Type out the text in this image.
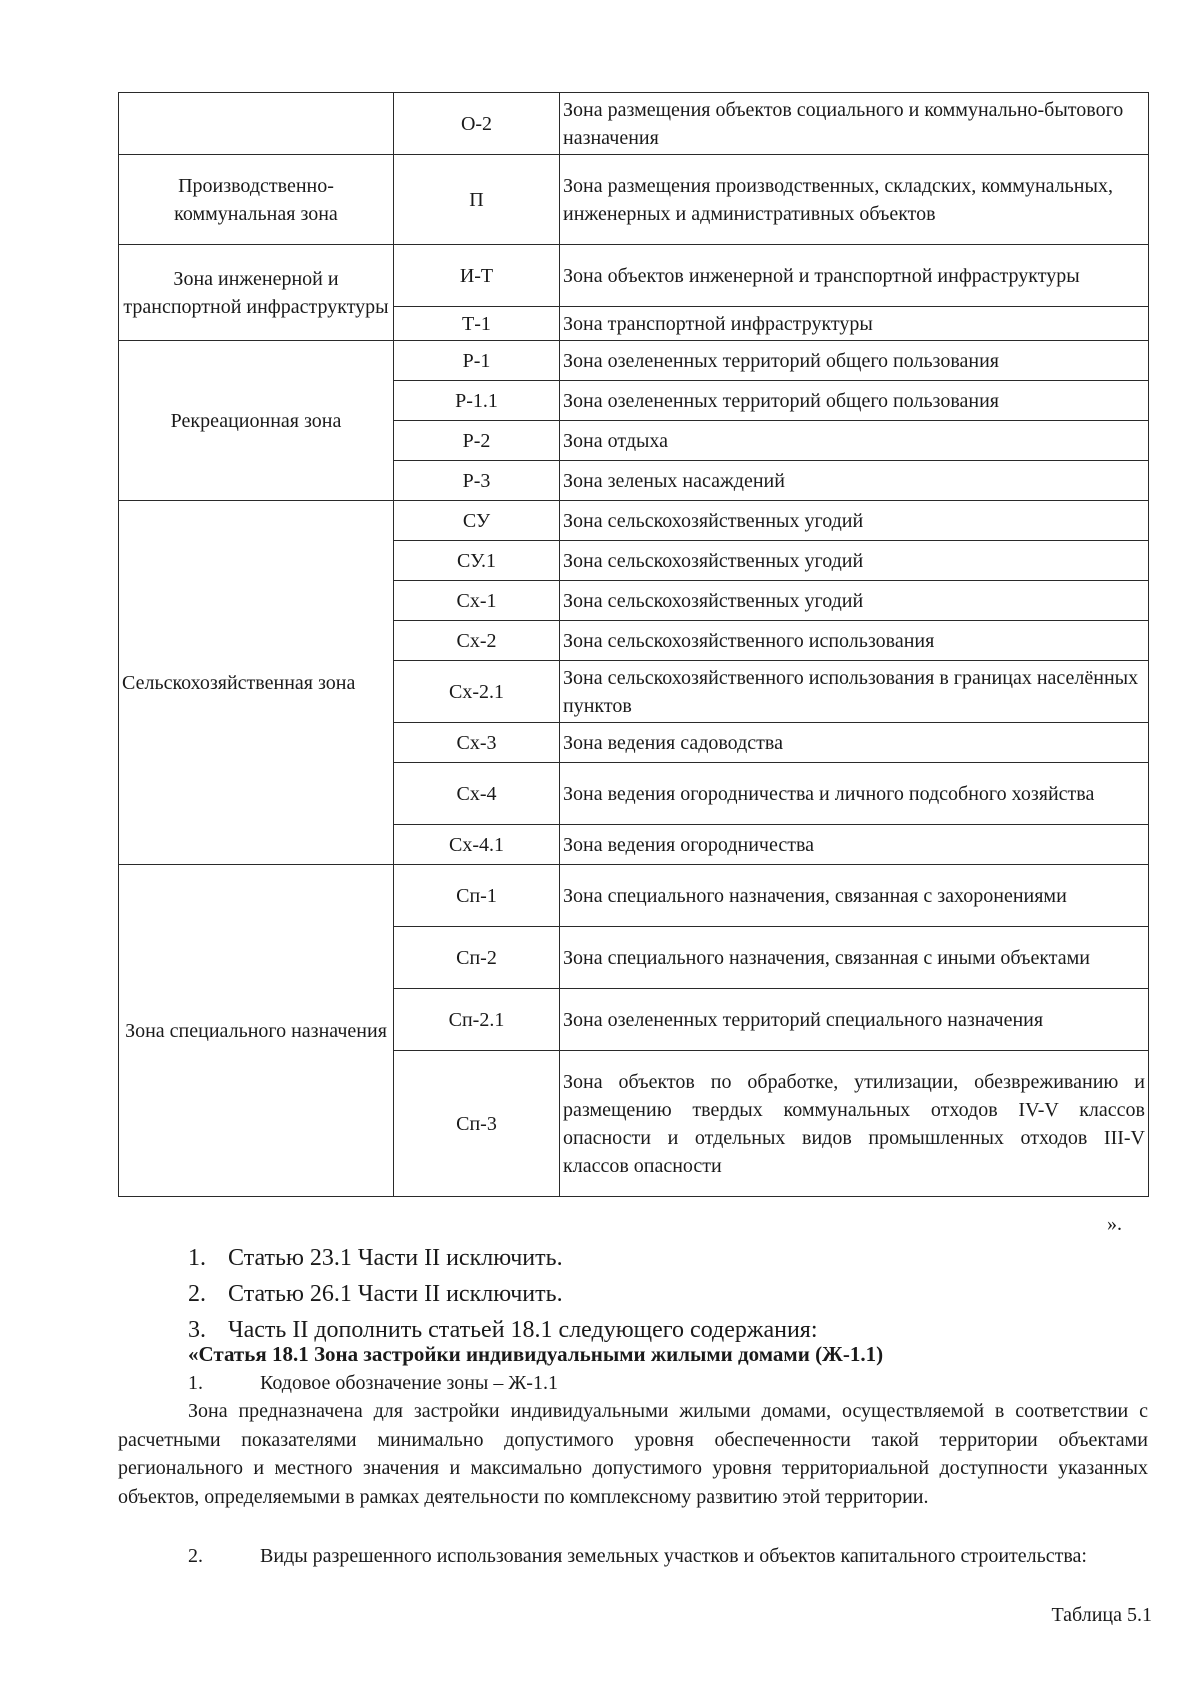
	О-2	Зона размещения объектов социального и коммунально-бытового назначения
Производственно-коммунальная зона	П	Зона размещения производственных, складских, коммунальных, инженерных и административных объектов
Зона инженерной и транспортной инфраструктуры	И-Т	Зона объектов инженерной и транспортной инфраструктуры
	Т-1	Зона транспортной инфраструктуры
Рекреационная зона	Р-1	Зона озелененных территорий общего пользования
	Р-1.1	Зона озелененных территорий общего пользования
	Р-2	Зона отдыха
	Р-3	Зона зеленых насаждений
Сельскохозяйственная зона	СУ	Зона сельскохозяйственных угодий
	СУ.1	Зона сельскохозяйственных угодий
	Сх-1	Зона сельскохозяйственных угодий
	Сх-2	Зона сельскохозяйственного использования
	Сх-2.1	Зона сельскохозяйственного использования в границах населённых пунктов
	Сх-3	Зона ведения садоводства
	Сх-4	Зона ведения огородничества и личного подсобного хозяйства
	Сх-4.1	Зона ведения огородничества
Зона специального назначения	Сп-1	Зона специального назначения, связанная с захоронениями
	Сп-2	Зона специального назначения, связанная с иными объектами
	Сп-2.1	Зона озелененных территорий специального назначения
	Сп-3	Зона объектов по обработке, утилизации, обезвреживанию и размещению твердых коммунальных отходов IV-V классов опасности и отдельных видов промышленных отходов III-V классов опасности
».
1. Статью 23.1 Части II исключить.
2. Статью 26.1 Части II исключить.
3. Часть II дополнить статьей 18.1 следующего содержания:
«Статья 18.1 Зона застройки индивидуальными жилыми домами (Ж-1.1)
1.	Кодовое обозначение зоны – Ж-1.1

Зона предназначена для застройки индивидуальными жилыми домами, осуществляемой в соответствии с расчетными показателями минимально допустимого уровня обеспеченности такой территории объектами регионального и местного значения и максимально допустимого уровня территориальной доступности указанных объектов, определяемыми в рамках деятельности по комплексному развитию этой территории.

2.	Виды разрешенного использования земельных участков и объектов капитального строительства:

Таблица 5.1
